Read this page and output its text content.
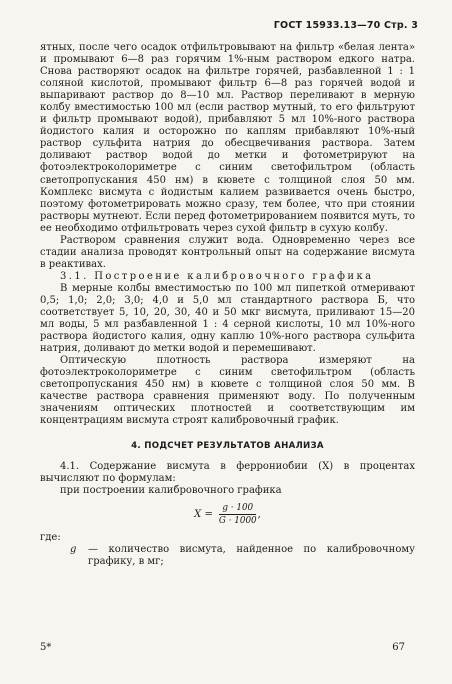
ГОСТ 15933.13—70 Стр. 3

ятных, после чего осадок отфильтровывают на фильтр «белая лента» и промывают 6—8 раз горячим 1%-ным раствором едкого натра. Снова растворяют осадок на фильтре горячей, разбавленной 1 : 1 соляной кислотой, промывают фильтр 6—8 раз горячей водой и выпаривают раствор до 8—10 мл. Раствор переливают в мерную колбу вместимостью 100 мл (если раствор мутный, то его фильтруют и фильтр промывают водой), прибавляют 5 мл 10%-ного раствора йодистого калия и осторожно по каплям прибавляют 10%-ный раствор сульфита натрия до обесцвечивания раствора. Затем доливают раствор водой до метки и фотометрируют на фотоэлектроколориметре с синим светофильтром (область светопропускания 450 нм) в кювете с толщиной слоя 50 мм. Комплекс висмута с йодистым калием развивается очень быстро, поэтому фотометрировать можно сразу, тем более, что при стоянии растворы мутнеют. Если перед фотометрированием появится муть, то ее необходимо отфильтровать через сухой фильтр в сухую колбу.

Раствором сравнения служит вода. Одновременно через все стадии анализа проводят контрольный опыт на содержание висмута в реактивах.

3.1. Построение калибровочного графика

В мерные колбы вместимостью по 100 мл пипеткой отмеривают 0,5; 1,0; 2,0; 3,0; 4,0 и 5,0 мл стандартного раствора Б, что соответствует 5, 10, 20, 30, 40 и 50 мкг висмута, приливают 15—20 мл воды, 5 мл разбавленной 1 : 4 серной кислоты, 10 мл 10%-ного раствора йодистого калия, одну каплю 10%-ного раствора сульфита натрия, доливают до метки водой и перемешивают.

Оптическую плотность раствора измеряют на фотоэлектроколориметре с синим светофильтром (область светопропускания 450 нм) в кювете с толщиной слоя 50 мм. В качестве раствора сравнения применяют воду. По полученным значениям оптических плотностей и соответствующим им концентрациям висмута строят калибровочный график.

4. ПОДСЧЕТ РЕЗУЛЬТАТОВ АНАЛИЗА

4.1. Содержание висмута в феррониобии (X) в процентах вычисляют по формулам:

при построении калибровочного графика

$X = \frac{g \cdot 100}{G \cdot 1000}$ ,
где:
g — количество висмута, найденное по калибровочному графику, в мг;
5*	67
